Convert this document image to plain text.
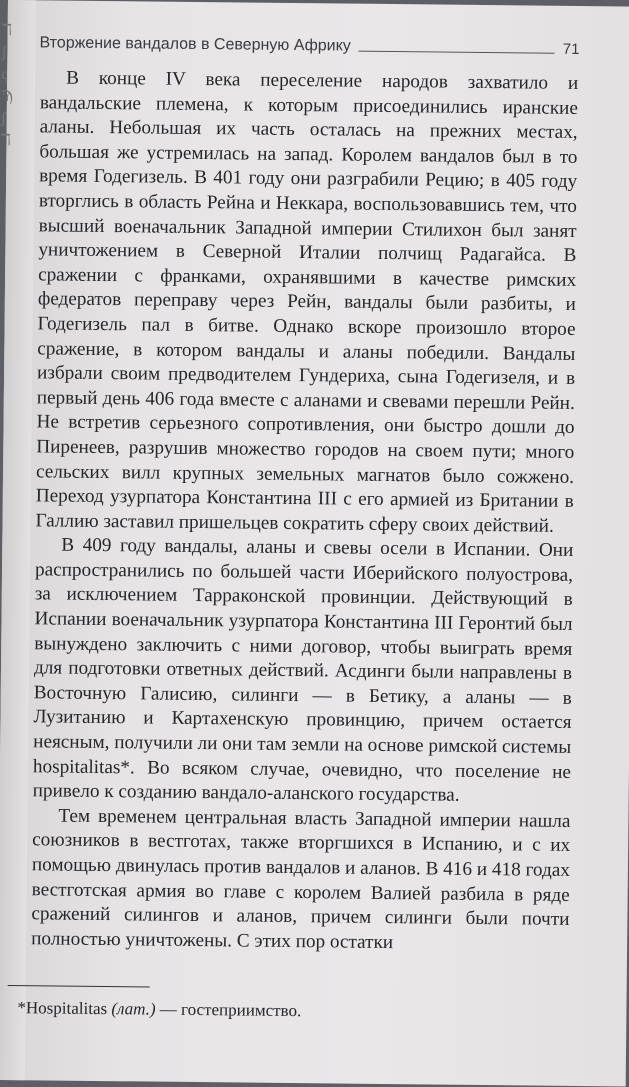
ℸ
ʃ
ς
Ϡ
ʃ
ℸ
Вторжение вандалов в Северную Африку	71

В конце IV века переселение народов захватило и вандальские племена, к которым присоединились иранские аланы. Небольшая их часть осталась на прежних местах, большая же устремилась на запад. Королем вандалов был в то время Годегизель. В 401 году они разграбили Рецию; в 405 году вторглись в область Рейна и Неккара, воспользовавшись тем, что высший военачальник Западной империи Стилихон был занят уничтожением в Северной Италии полчищ Радагайса. В сражении с франками, охранявшими в качестве римских федератов переправу через Рейн, вандалы были разбиты, и Годегизель пал в битве. Однако вскоре произошло второе сражение, в котором вандалы и аланы победили. Вандалы избрали своим предводителем Гундериха, сына Годегизеля, и в первый день 406 года вместе с аланами и свевами перешли Рейн. Не встретив серьезного сопротивления, они быстро дошли до Пиренеев, разрушив множество городов на своем пути; много сельских вилл крупных земельных магнатов было сожжено. Переход узурпатора Константина III с его армией из Британии в Галлию заставил пришельцев сократить сферу своих действий.

В 409 году вандалы, аланы и свевы осели в Испании. Они распространились по большей части Иберийского полуострова, за исключением Тарраконской провинции. Действующий в Испании военачальник узурпатора Константина III Геронтий был вынуждено заключить с ними договор, чтобы выиграть время для подготовки ответных действий. Асдинги были направлены в Восточную Галисию, силинги — в Бетику, а аланы — в Лузитанию и Картахенскую провинцию, причем остается неясным, получили ли они там земли на основе римской системы hospitalitas*. Во всяком случае, очевидно, что поселение не привело к созданию вандало-аланского государства.

Тем временем центральная власть Западной империи нашла союзников в вестготах, также вторгшихся в Испанию, и с их помощью двинулась против вандалов и аланов. В 416 и 418 годах вестготская армия во главе с королем Валией разбила в ряде сражений силингов и аланов, причем силинги были почти полностью уничтожены. С этих пор остатки

*Hospitalitas (лат.) — гостеприимство.
